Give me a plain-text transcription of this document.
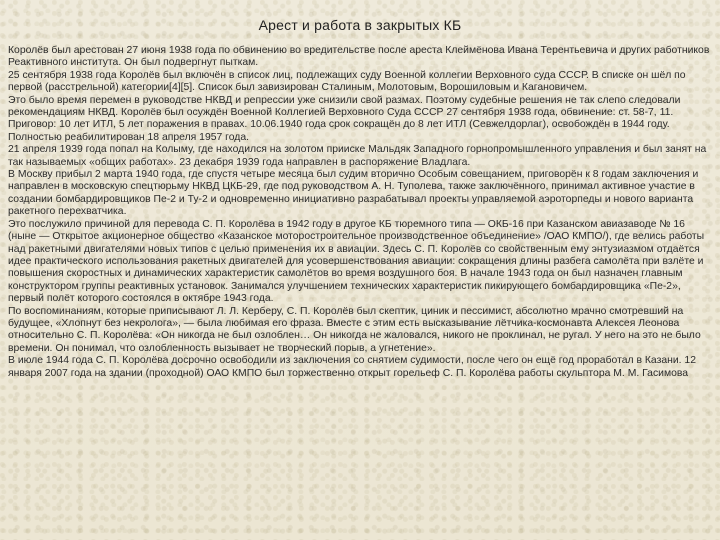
Арест и работа в закрытых КБ

Королёв был арестован 27 июня 1938 года по обвинению во вредительстве после ареста Клеймёнова Ивана Терентьевича и других работников Реактивного института. Он был подвергнут пыткам.

25 сентября 1938 года Королёв был включён в список лиц, подлежащих суду Военной коллегии Верховного суда СССР. В списке он шёл по первой (расстрельной) категории[4][5]. Список был завизирован Сталиным, Молотовым, Ворошиловым и Кагановичем.

Это было время перемен в руководстве НКВД и репрессии уже снизили свой размах. Поэтому судебные решения не так слепо следовали рекомендациям НКВД. Королёв был осуждён Военной Коллегией Верховного Суда СССР 27 сентября 1938 года, обвинение: ст. 58-7, 11. Приговор: 10 лет ИТЛ, 5 лет поражения в правах. 10.06.1940 года срок сокращён до 8 лет ИТЛ (Севжелдорлаг), освобождён в 1944 году. Полностью реабилитирован 18 апреля 1957 года.

21 апреля 1939 года попал на Колыму, где находился на золотом прииске Мальдяк Западного горнопромышленного управления и был занят на так называемых «общих работах». 23 декабря 1939 года направлен в распоряжение Владлага.

В Москву прибыл 2 марта 1940 года, где спустя четыре месяца был судим вторично Особым совещанием, приговорён к 8 годам заключения и направлен в московскую спецтюрьму НКВД ЦКБ-29, где под руководством А. Н. Туполева, также заключённого, принимал активное участие в создании бомбардировщиков Пе-2 и Ту-2 и одновременно инициативно разрабатывал проекты управляемой аэроторпеды и нового варианта ракетного перехватчика.

Это послужило причиной для перевода С. П. Королёва в 1942 году в другое КБ тюремного типа — ОКБ-16 при Казанском авиазаводе № 16 (ныне — Открытое акционерное общество «Казанское моторостроительное производственное объединение» /ОАО КМПО/), где велись работы над ракетными двигателями новых типов с целью применения их в авиации. Здесь С. П. Королёв со свойственным ему энтузиазмом отдаётся идее практического использования ракетных двигателей для усовершенствования авиации: сокращения длины разбега самолёта при взлёте и повышения скоростных и динамических характеристик самолётов во время воздушного боя. В начале 1943 года он был назначен главным конструктором группы реактивных установок. Занимался улучшением технических характеристик пикирующего бомбардировщика «Пе-2», первый полёт которого состоялся в октябре 1943 года.

По воспоминаниям, которые приписывают Л. Л. Керберу, С. П. Королёв был скептик, циник и пессимист, абсолютно мрачно смотревший на будущее, «Хлопнут без некролога», — была любимая его фраза. Вместе с этим есть высказывание лётчика-космонавта Алексея Леонова относительно С. П. Королёва: «Он никогда не был озлоблен… Он никогда не жаловался, никого не проклинал, не ругал. У него на это не было времени. Он понимал, что озлобленность вызывает не творческий порыв, а угнетение».

В июле 1944 года С. П. Королёва досрочно освободили из заключения со снятием судимости, после чего он ещё год проработал в Казани. 12 января 2007 года на здании (проходной) ОАО КМПО был торжественно открыт горельеф С. П. Королёва работы скульптора М. М. Гасимова
